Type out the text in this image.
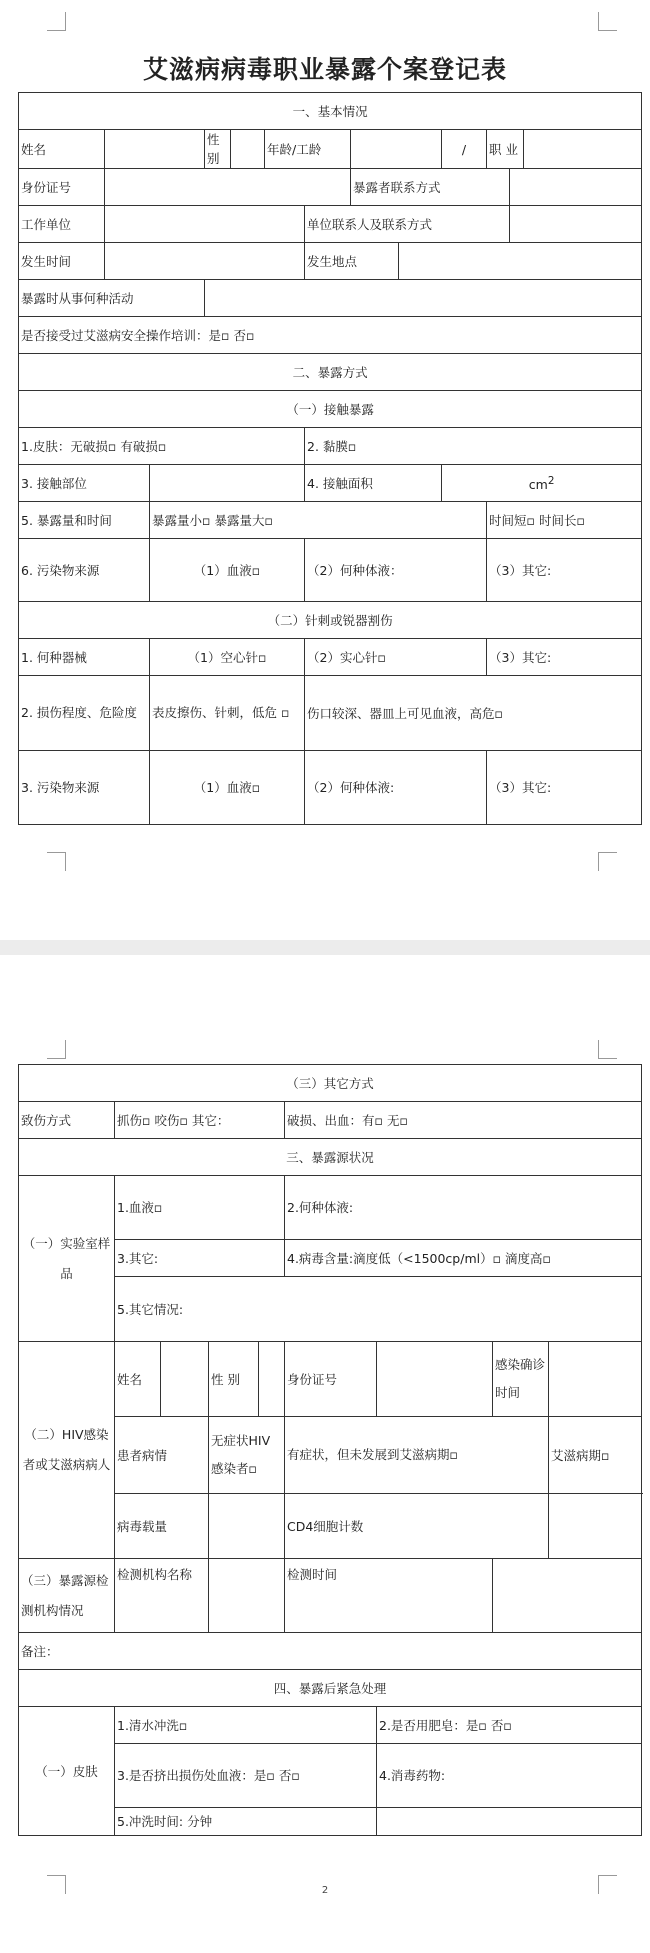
艾滋病病毒职业暴露个案登记表
一、基本情况												
姓名			性别		年龄/工龄				/	职 业		
身份证号							暴露者联系方式					
工作单位						单位联系人及联系方式						
发生时间						发生地点						
暴露时从事何种活动												
是否接受过艾滋病安全操作培训：是▫ 否▫												
二、暴露方式												
（一）接触暴露												
1.皮肤：无破损▫ 有破损▫						2. 黏膜▫						
3. 接触部位						4. 接触面积			$cm^2$
5. 暴露量和时间		暴露量小▫ 暴露量大▫								时间短▫ 时间长▫		
6. 污染物来源		（1）血液▫				（2）何种体液：				（3）其它:		
（二）针刺或锐器割伤												
1. 何种器械		（1）空心针▫				（2）实心针▫				（3）其它:		
2. 损伤程度、危险度		表皮擦伤、针刺，低危 ▫				伤口较深、器皿上可见血液，高危▫						
3. 污染物来源		（1）血液▫				（2）何种体液:				（3）其它:		
（三）其它方式								
致伤方式	抓伤▫ 咬伤▫ 其它：				破损、出血：有▫ 无▫			
三、暴露源状况								
（一）实验室样品	1.血液▫				2.何种体液:			
	3.其它:				4.病毒含量:滴度低（<1500cp/ml）▫ 滴度高▫			
	5.其它情况:							
（二）HIV感染者或艾滋病病人	姓名		性 别		身份证号		感染确诊时间	
	患者病情		无症状HIV感染者▫		有症状，但未发展到艾滋病期▫			艾滋病期▫
	病毒载量				CD4细胞计数			
（三）暴露源检测机构情况	检测机构名称				检测时间			
备注：								
四、暴露后紧急处理								
（一）皮肤	1.清水冲洗▫					2.是否用肥皂：是▫ 否▫		
	3.是否挤出损伤处血液：是▫ 否▫					4.消毒药物:		
	5.冲洗时间: 分钟							
2
